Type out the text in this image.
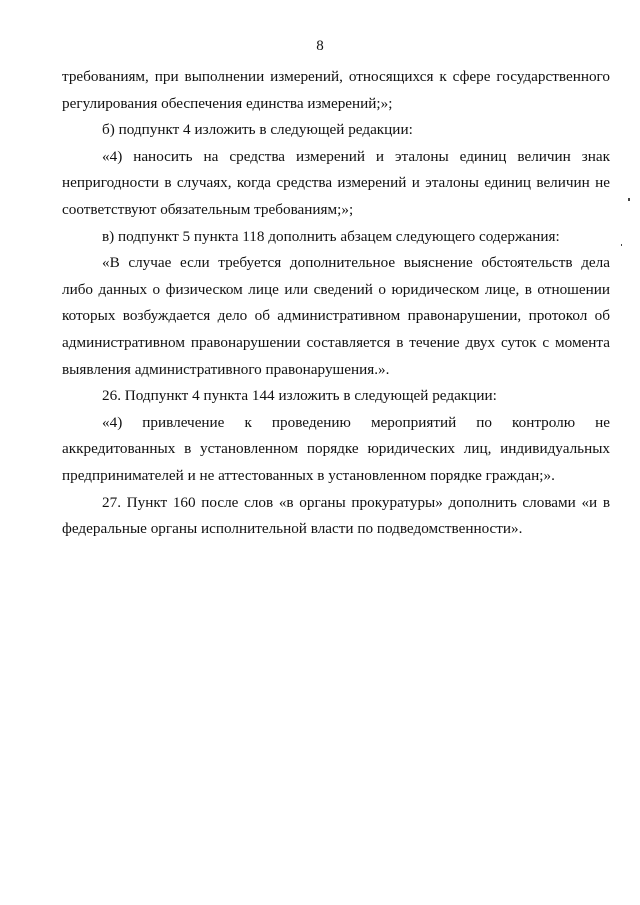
8

требованиям, при выполнении измерений, относящихся к сфере государственного регулирования обеспечения единства измерений;»;

б) подпункт 4 изложить в следующей редакции:

«4) наносить на средства измерений и эталоны единиц величин знак непригодности в случаях, когда средства измерений и эталоны единиц величин не соответствуют обязательным требованиям;»;

в) подпункт 5 пункта 118 дополнить абзацем следующего содержания:

«В случае если требуется дополнительное выяснение обстоятельств дела либо данных о физическом лице или сведений о юридическом лице, в отношении которых возбуждается дело об административном правонарушении, протокол об административном правонарушении составляется в течение двух суток с момента выявления административного правонарушения.».

26. Подпункт 4 пункта 144 изложить в следующей редакции:

«4) привлечение к проведению мероприятий по контролю не аккредитованных в установленном порядке юридических лиц, индивидуальных предпринимателей и не аттестованных в установленном порядке граждан;».

27. Пункт 160 после слов «в органы прокуратуры» дополнить словами «и в федеральные органы исполнительной власти по подведомственности».
